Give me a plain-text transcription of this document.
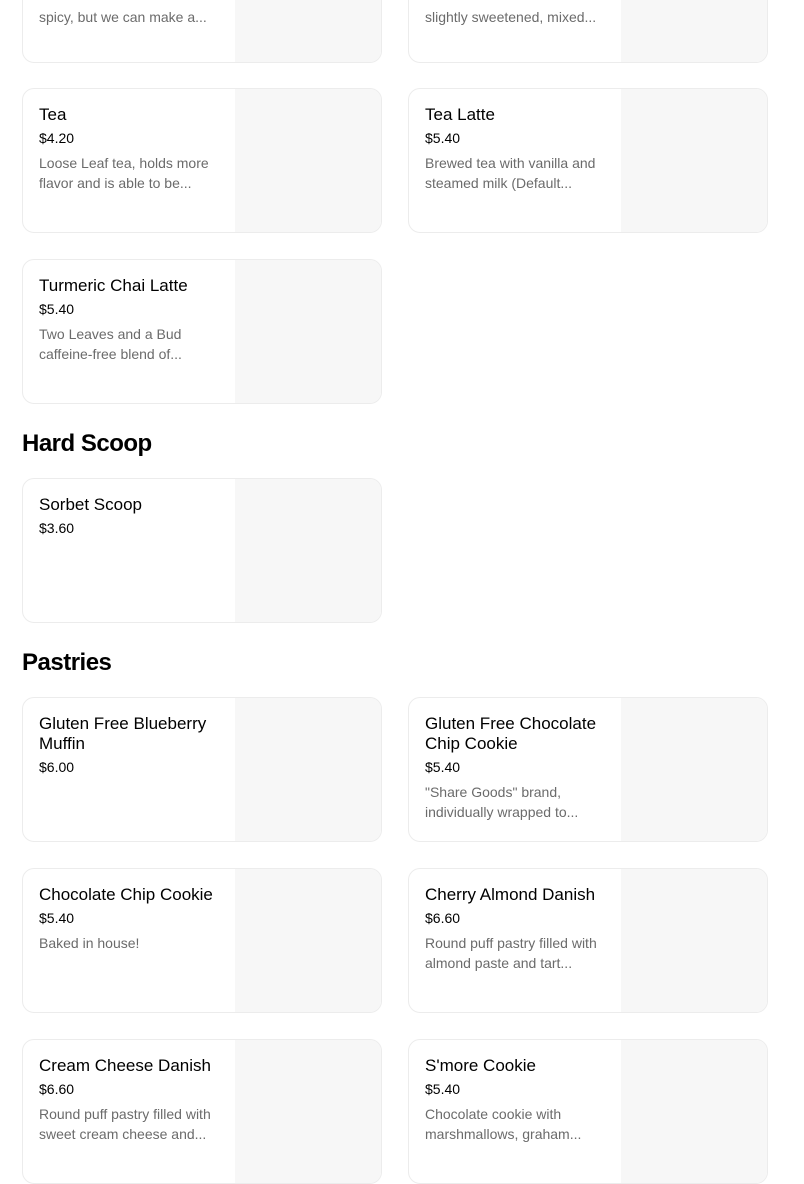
spicy, but we can make a...	slightly sweetened, mixed...
Tea
$4.20
Loose Leaf tea, holds more flavor and is able to be...
Tea Latte
$5.40
Brewed tea with vanilla and steamed milk (Default...
Turmeric Chai Latte
$5.40
Two Leaves and a Bud caffeine-free blend of...
Hard Scoop
Sorbet Scoop
$3.60
Pastries
Gluten Free Blueberry Muffin
$6.00
Gluten Free Chocolate Chip Cookie
$5.40
"Share Goods" brand, individually wrapped to...
Chocolate Chip Cookie
$5.40
Baked in house!
Cherry Almond Danish
$6.60
Round puff pastry filled with almond paste and tart...
Cream Cheese Danish
$6.60
Round puff pastry filled with sweet cream cheese and...
S'more Cookie
$5.40
Chocolate cookie with marshmallows, graham...
